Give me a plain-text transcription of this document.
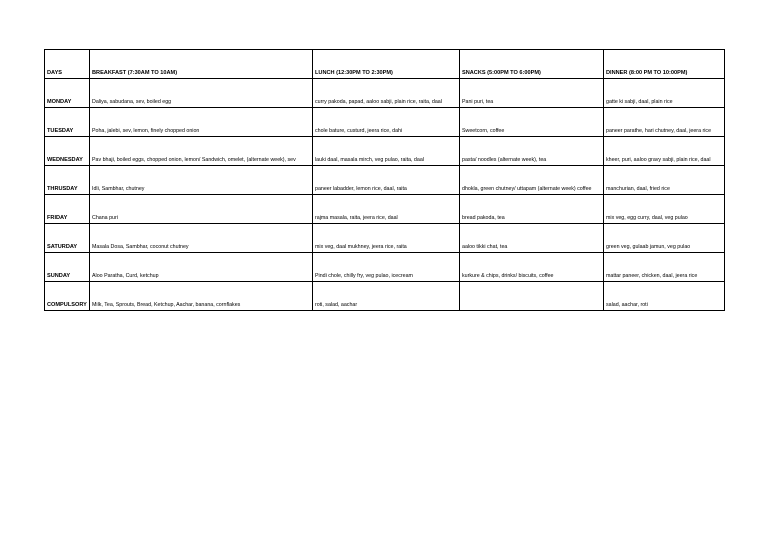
DAYS	BREAKFAST (7:30AM TO 10AM)	LUNCH (12:30PM TO 2:30PM)	SNACKS (5:00PM TO 6:00PM)	DINNER (8:00 PM TO 10:00PM)

MONDAY	Daliya, sabudana, sev, boiled egg	curry pakoda, papad, aaloo sabji, plain rice, raita, daal	Pani puri, tea	gatte ki sabji, daal, plain rice

TUESDAY	Poha, jalebi, sev, lemon, finely chopped onion	chole bature, custurd, jeera rice, dahi	Sweetcorn, coffee	paneer parathe, hari chutney, daal, jeera rice

WEDNESDAY	Pav bhaji, boiled eggs, chopped onion, lemon/ Sandwich, omelet, (alternate week), sev	lauki daal, masala mirch, veg pulao, raita, daal	pasta/ noodles (alternate week), tea	kheer, puri, aaloo gravy sabji, plain rice, daal

THRUSDAY	Idli, Sambhar, chutney	paneer labadder, lemon rice, daal, raita	dhokla, green chutney/ uttapam (alternate week) coffee	manchurian, daal, fried rice

FRIDAY	Chana puri	rajma masala, raita, jeera rice, daal	bread pakoda, tea	mix veg, egg curry, daal, veg pulao

SATURDAY	Masala Dosa, Sambhar, coconut chutney	mix veg, daal mukhney, jeera rice, raita	aaloo tikki chat, tea	green veg, gulaab jamun, veg pulao

SUNDAY	Aloo Paratha, Curd, ketchup	Pindi chole, chilly fry, veg pulao, icecream	kurkure & chips, drinks/ biscuits, coffee	mattar paneer, chicken, daal, jeera rice

COMPULSORY	Milk, Tea, Sprouts, Bread, Ketchup, Aachar, banana, cornflakes	roti, salad, aachar		salad, aachar, roti
